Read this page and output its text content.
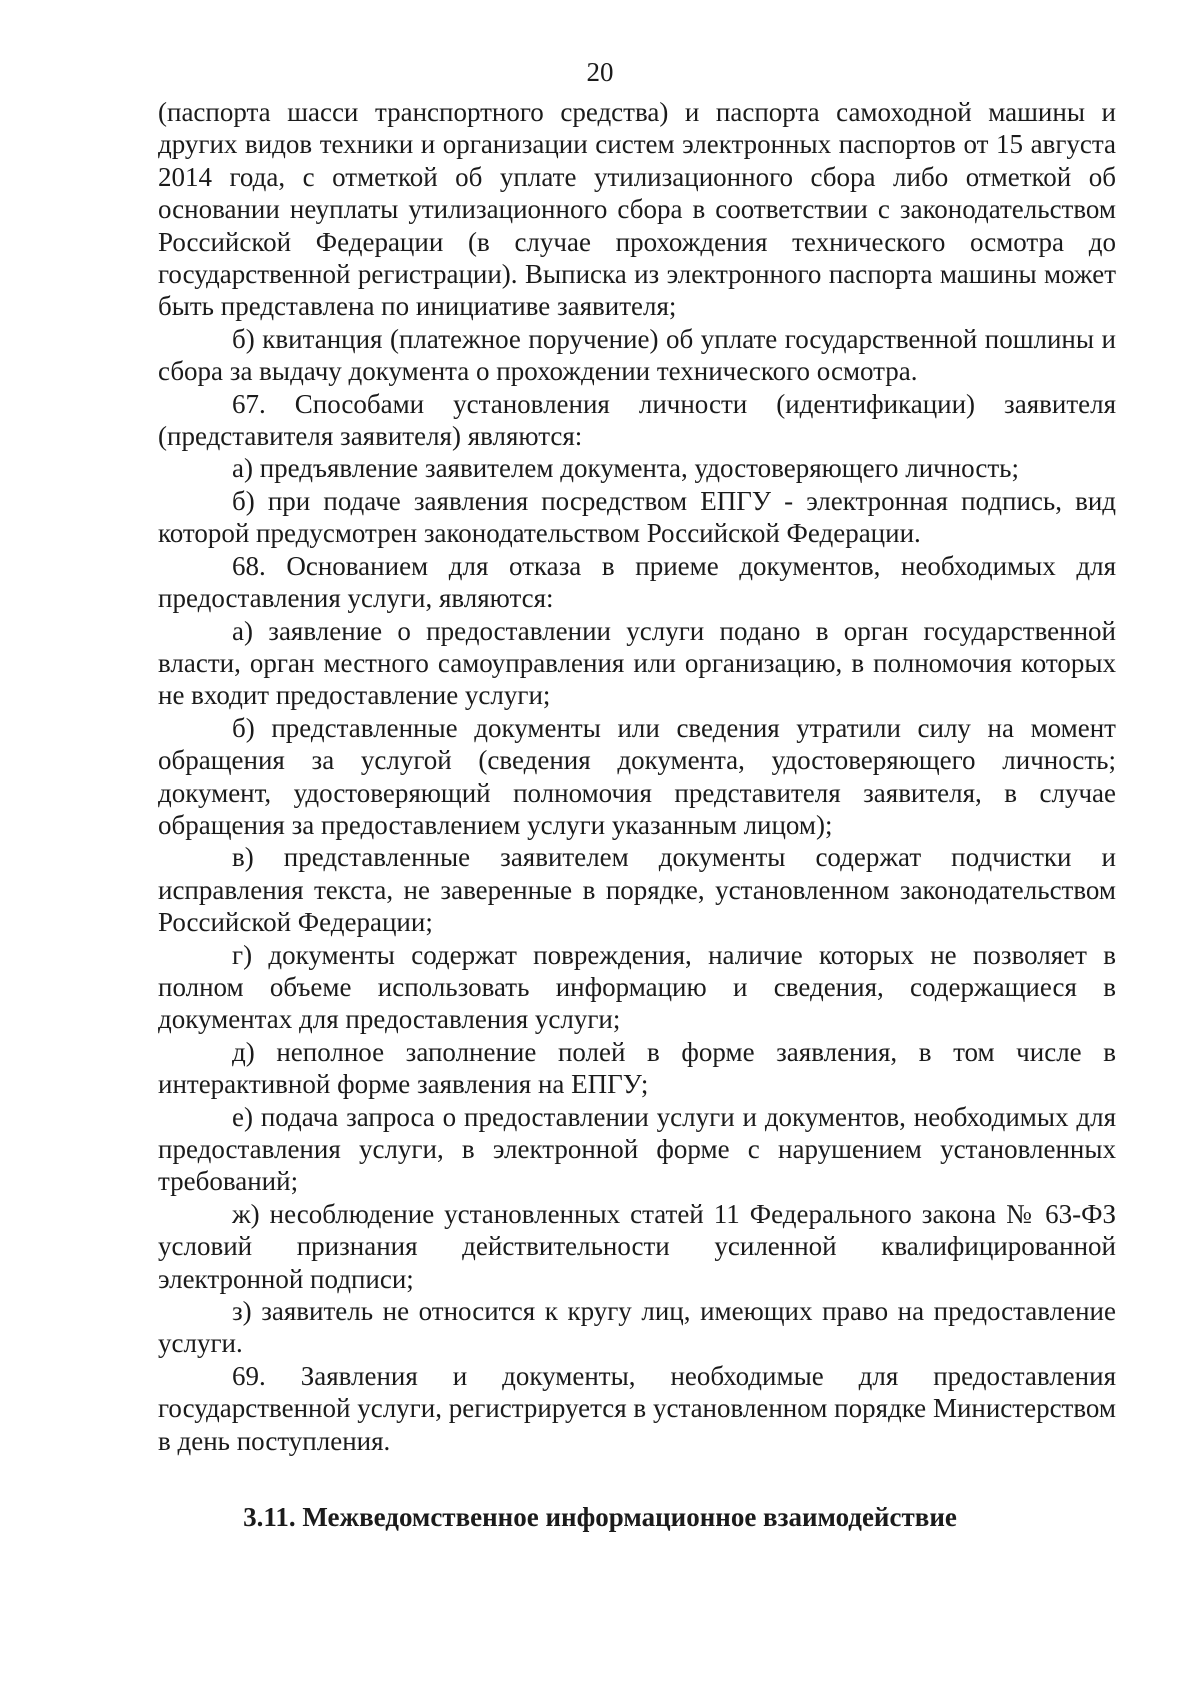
20

(паспорта шасси транспортного средства) и паспорта самоходной машины и других видов техники и организации систем электронных паспортов от 15 августа 2014 года, с отметкой об уплате утилизационного сбора либо отметкой об основании неуплаты утилизационного сбора в соответствии с законодательством Российской Федерации (в случае прохождения технического осмотра до государственной регистрации). Выписка из электронного паспорта машины может быть представлена по инициативе заявителя;

б) квитанция (платежное поручение) об уплате государственной пошлины и сбора за выдачу документа о прохождении технического осмотра.

67. Способами установления личности (идентификации) заявителя (представителя заявителя) являются:

а) предъявление заявителем документа, удостоверяющего личность;

б) при подаче заявления посредством ЕПГУ - электронная подпись, вид которой предусмотрен законодательством Российской Федерации.

68. Основанием для отказа в приеме документов, необходимых для предоставления услуги, являются:

а) заявление о предоставлении услуги подано в орган государственной власти, орган местного самоуправления или организацию, в полномочия которых не входит предоставление услуги;

б) представленные документы или сведения утратили силу на момент обращения за услугой (сведения документа, удостоверяющего личность; документ, удостоверяющий полномочия представителя заявителя, в случае обращения за предоставлением услуги указанным лицом);

в) представленные заявителем документы содержат подчистки и исправления текста, не заверенные в порядке, установленном законодательством Российской Федерации;

г) документы содержат повреждения, наличие которых не позволяет в полном объеме использовать информацию и сведения, содержащиеся в документах для предоставления услуги;

д) неполное заполнение полей в форме заявления, в том числе в интерактивной форме заявления на ЕПГУ;

е) подача запроса о предоставлении услуги и документов, необходимых для предоставления услуги, в электронной форме с нарушением установленных требований;

ж) несоблюдение установленных статей 11 Федерального закона № 63-ФЗ условий признания действительности усиленной квалифицированной электронной подписи;

з) заявитель не относится к кругу лиц, имеющих право на предоставление услуги.

69. Заявления и документы, необходимые для предоставления государственной услуги, регистрируется в установленном порядке Министерством в день поступления.

3.11. Межведомственное информационное взаимодействие
